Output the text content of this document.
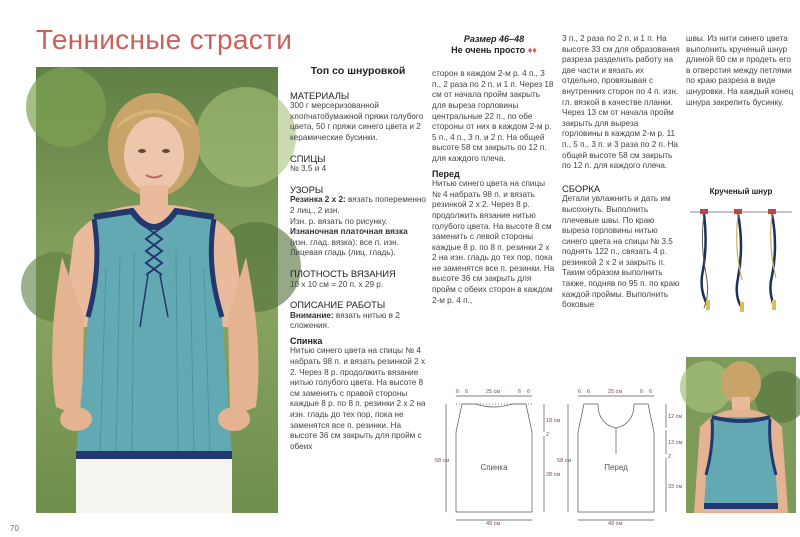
Теннисные страсти
Топ со шнуровкой
МАТЕРИАЛЫ

300 г мерсеризованной хлопчатобумажной пряжи голубого цвета, 50 г пряжи синего цвета и 2 керамические бусинки.

СПИЦЫ

№ 3,5 и 4

УЗОРЫ

Резинка 2 х 2: вязать попеременно 2 лиц., 2 изн.

Изн. р. вязать по рисунку.

Изнаночная платочная вязка (изн. глад. вязка): все п. изн. Лицевая гладь (лиц. гладь).

ПЛОТНОСТЬ ВЯЗАНИЯ

10 х 10 см = 20 п. х 29 р.

ОПИСАНИЕ РАБОТЫ

Внимание: вязать нитью в 2 сложения.

Спинка

Нитью синего цвета на спицы № 4 набрать 98 п. и вязать резинкой 2 х 2. Через 8 р. продолжить вязание нитью голубого цвета. На высоте 8 см заменить с правой стороны каждые 8 р. по 8 п. резинки 2 х 2 на изн. гладь до тех пор, пока не заменятся все п. резинки. На высоте 36 см закрыть для пройм с обеих

Размер 46–48
Не очень просто ♦♦

сторон в каждом 2-м р. 4 п., 3 п., 2 раза по 2 п. и 1 п. Через 18 см от начала пройм закрыть для выреза горловины центральные 22 п., по обе стороны от них в каждом 2-м р. 5 п., 4 п., 3 п. и 2 п. На общей высоте 58 см закрыть по 12 п. для каждого плеча.

Перед

Нитью синего цвета на спицы № 4 набрать 98 п. и вязать резинкой 2 х 2. Через 8 р. продолжить вязание нитью голубого цвета. На высоте 8 см заменить с левой стороны каждые 8 р. по 8 п. резинки 2 х 2 на изн. гладь до тех пор, пока не заменятся все п. резинки. На высоте 36 см закрыть для пройм с обеих сторон в каждом 2-м р. 4 п.,

3 п., 2 раза по 2 п. и 1 п. На высоте 33 см для образования разреза разделить работу на две части и вязать их отдельно, провязывая с внутренних сторон по 4 п. изн. гл. вязкой в качестве планки. Через 13 см от начала пройм закрыть для выреза горловины в каждом 2-м р. 11 п., 5 п., 3 п. и 3 раза по 2 п. На общей высоте 58 см закрыть по 12 п. для каждого плеча.

СБОРКА

Детали увлажнить и дать им высохнуть. Выполнить плечевые швы. По краю выреза горловины нитью синего цвета на спицы № 3,5 поднять 122 п., связать 4 р. резинкой 2 х 2 и закрыть п. Таким образом выполнить также, подняв по 95 п. по краю каждой проймы. Выполнить боковые

швы. Из нити синего цвета выполнить крученый шнур длиной 60 см и продеть его в отверстия между петлями по краю разреза в виде шнуровки. На каждый конец шнура закрепить бусинку.

Крученый шнур
6 6	25 см	6 6
18 см
2
28 см
58 см
49 см
Спинка
6 6	25 см	6 6
12 см
13 см
2
33 см
58 см
49 см
Перед
70
